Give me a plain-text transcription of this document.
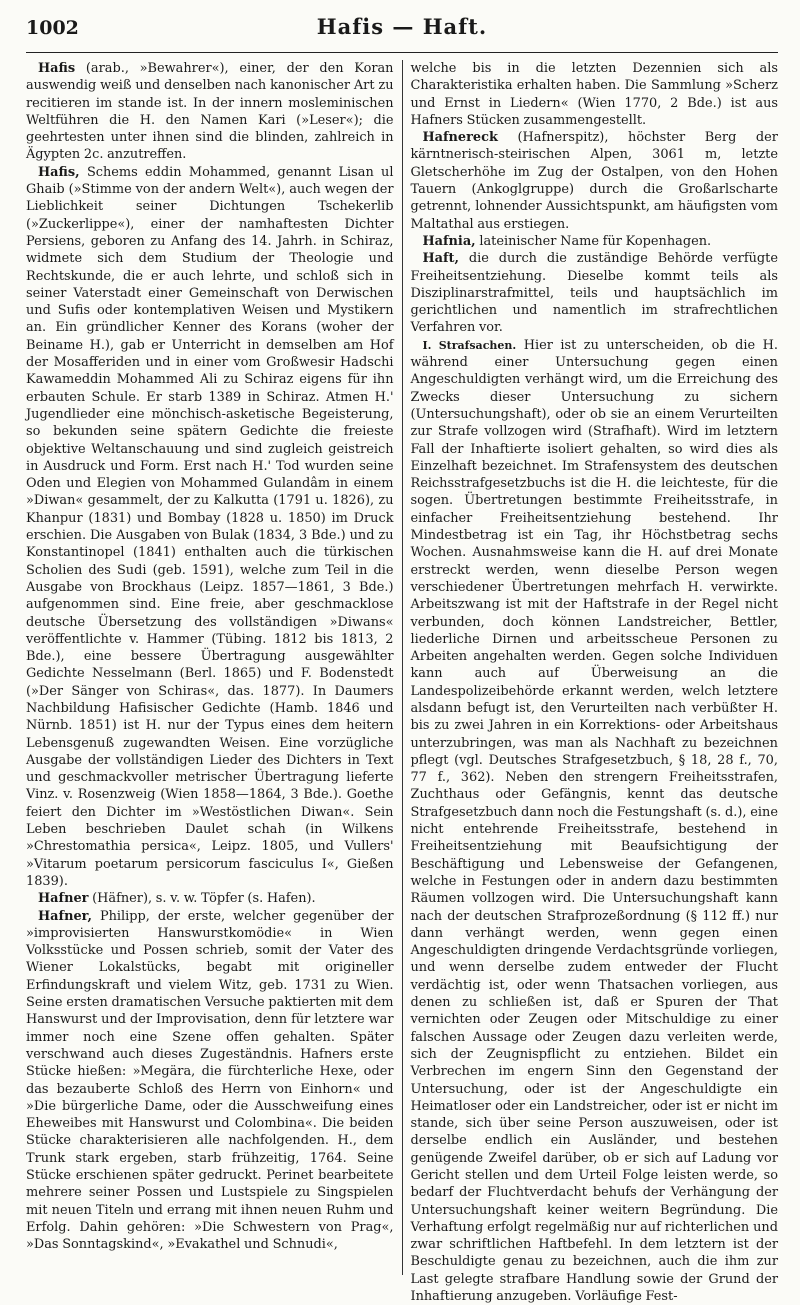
1002	Hafis — Haft.

Hafis (arab., »Bewahrer«), einer, der den Koran auswendig weiß und denselben nach kanonischer Art zu recitieren im stande ist. In der innern mosleminischen Weltführen die H. den Namen Kari (»Leser«); die geehrtesten unter ihnen sind die blinden, zahlreich in Ägypten 2c. anzutreffen.

Hafis, Schems eddin Mohammed, genannt Lisan ul Ghaib (»Stimme von der andern Welt«), auch wegen der Lieblichkeit seiner Dichtungen Tschekerlib (»Zuckerlippe«), einer der namhaftesten Dichter Persiens, geboren zu Anfang des 14. Jahrh. in Schiraz, widmete sich dem Studium der Theologie und Rechtskunde, die er auch lehrte, und schloß sich in seiner Vaterstadt einer Gemeinschaft von Derwischen und Sufis oder kontemplativen Weisen und Mystikern an. Ein gründlicher Kenner des Korans (woher der Beiname H.), gab er Unterricht in demselben am Hof der Mosafferiden und in einer vom Großwesir Hadschi Kawameddin Mohammed Ali zu Schiraz eigens für ihn erbauten Schule. Er starb 1389 in Schiraz. Atmen H.' Jugendlieder eine mönchisch-asketische Begeisterung, so bekunden seine spätern Gedichte die freieste objektive Weltanschauung und sind zugleich geistreich in Ausdruck und Form. Erst nach H.' Tod wurden seine Oden und Elegien von Mohammed Gulandâm in einem »Diwan« gesammelt, der zu Kalkutta (1791 u. 1826), zu Khanpur (1831) und Bombay (1828 u. 1850) im Druck erschien. Die Ausgaben von Bulak (1834, 3 Bde.) und zu Konstantinopel (1841) enthalten auch die türkischen Scholien des Sudi (geb. 1591), welche zum Teil in die Ausgabe von Brockhaus (Leipz. 1857—1861, 3 Bde.) aufgenommen sind. Eine freie, aber geschmacklose deutsche Übersetzung des vollständigen »Diwans« veröffentlichte v. Hammer (Tübing. 1812 bis 1813, 2 Bde.), eine bessere Übertragung ausgewählter Gedichte Nesselmann (Berl. 1865) und F. Bodenstedt (»Der Sänger von Schiras«, das. 1877). In Daumers Nachbildung Hafisischer Gedichte (Hamb. 1846 und Nürnb. 1851) ist H. nur der Typus eines dem heitern Lebensgenuß zugewandten Weisen. Eine vorzügliche Ausgabe der vollständigen Lieder des Dichters in Text und geschmackvoller metrischer Übertragung lieferte Vinz. v. Rosenzweig (Wien 1858—1864, 3 Bde.). Goethe feiert den Dichter im »Westöstlichen Diwan«. Sein Leben beschrieben Daulet schah (in Wilkens »Chrestomathia persica«, Leipz. 1805, und Vullers' »Vitarum poetarum persicorum fasciculus I«, Gießen 1839).

Hafner (Häfner), s. v. w. Töpfer (s. Hafen).

Hafner, Philipp, der erste, welcher gegenüber der »improvisierten Hanswurstkomödie« in Wien Volksstücke und Possen schrieb, somit der Vater des Wiener Lokalstücks, begabt mit origineller Erfindungskraft und vielem Witz, geb. 1731 zu Wien. Seine ersten dramatischen Versuche paktierten mit dem Hanswurst und der Improvisation, denn für letztere war immer noch eine Szene offen gehalten. Später verschwand auch dieses Zugeständnis. Hafners erste Stücke hießen: »Megära, die fürchterliche Hexe, oder das bezauberte Schloß des Herrn von Einhorn« und »Die bürgerliche Dame, oder die Ausschweifung eines Eheweibes mit Hanswurst und Colombina«. Die beiden Stücke charakterisieren alle nachfolgenden. H., dem Trunk stark ergeben, starb frühzeitig, 1764. Seine Stücke erschienen später gedruckt. Perinet bearbeitete mehrere seiner Possen und Lustspiele zu Singspielen mit neuen Titeln und errang mit ihnen neuen Ruhm und Erfolg. Dahin gehören: »Die Schwestern von Prag«, »Das Sonntagskind«, »Evakathel und Schnudi«,

welche bis in die letzten Dezennien sich als Charakteristika erhalten haben. Die Sammlung »Scherz und Ernst in Liedern« (Wien 1770, 2 Bde.) ist aus Hafners Stücken zusammengestellt.

Hafnereck (Hafnerspitz), höchster Berg der kärntnerisch-steirischen Alpen, 3061 m, letzte Gletscherhöhe im Zug der Ostalpen, von den Hohen Tauern (Ankoglgruppe) durch die Großarlscharte getrennt, lohnender Aussichtspunkt, am häufigsten vom Maltathal aus erstiegen.

Hafnia, lateinischer Name für Kopenhagen.

Haft, die durch die zuständige Behörde verfügte Freiheitsentziehung. Dieselbe kommt teils als Disziplinarstrafmittel, teils und hauptsächlich im gerichtlichen und namentlich im strafrechtlichen Verfahren vor.

I. Strafsachen. Hier ist zu unterscheiden, ob die H. während einer Untersuchung gegen einen Angeschuldigten verhängt wird, um die Erreichung des Zwecks dieser Untersuchung zu sichern (Untersuchungshaft), oder ob sie an einem Verurteilten zur Strafe vollzogen wird (Strafhaft). Wird im letztern Fall der Inhaftierte isoliert gehalten, so wird dies als Einzelhaft bezeichnet. Im Strafensystem des deutschen Reichsstrafgesetzbuchs ist die H. die leichteste, für die sogen. Übertretungen bestimmte Freiheitsstrafe, in einfacher Freiheitsentziehung bestehend. Ihr Mindestbetrag ist ein Tag, ihr Höchstbetrag sechs Wochen. Ausnahmsweise kann die H. auf drei Monate erstreckt werden, wenn dieselbe Person wegen verschiedener Übertretungen mehrfach H. verwirkte. Arbeitszwang ist mit der Haftstrafe in der Regel nicht verbunden, doch können Landstreicher, Bettler, liederliche Dirnen und arbeitsscheue Personen zu Arbeiten angehalten werden. Gegen solche Individuen kann auch auf Überweisung an die Landespolizeibehörde erkannt werden, welch letztere alsdann befugt ist, den Verurteilten nach verbüßter H. bis zu zwei Jahren in ein Korrektions- oder Arbeitshaus unterzubringen, was man als Nachhaft zu bezeichnen pflegt (vgl. Deutsches Strafgesetzbuch, § 18, 28 f., 70, 77 f., 362). Neben den strengern Freiheitsstrafen, Zuchthaus oder Gefängnis, kennt das deutsche Strafgesetzbuch dann noch die Festungshaft (s. d.), eine nicht entehrende Freiheitsstrafe, bestehend in Freiheitsentziehung mit Beaufsichtigung der Beschäftigung und Lebensweise der Gefangenen, welche in Festungen oder in andern dazu bestimmten Räumen vollzogen wird. Die Untersuchungshaft kann nach der deutschen Strafprozeßordnung (§ 112 ff.) nur dann verhängt werden, wenn gegen einen Angeschuldigten dringende Verdachtsgründe vorliegen, und wenn derselbe zudem entweder der Flucht verdächtig ist, oder wenn Thatsachen vorliegen, aus denen zu schließen ist, daß er Spuren der That vernichten oder Zeugen oder Mitschuldige zu einer falschen Aussage oder Zeugen dazu verleiten werde, sich der Zeugnispflicht zu entziehen. Bildet ein Verbrechen im engern Sinn den Gegenstand der Untersuchung, oder ist der Angeschuldigte ein Heimatloser oder ein Landstreicher, oder ist er nicht im stande, sich über seine Person auszuweisen, oder ist derselbe endlich ein Ausländer, und bestehen genügende Zweifel darüber, ob er sich auf Ladung vor Gericht stellen und dem Urteil Folge leisten werde, so bedarf der Fluchtverdacht behufs der Verhängung der Untersuchungshaft keiner weitern Begründung. Die Verhaftung erfolgt regelmäßig nur auf richterlichen und zwar schriftlichen Haftbefehl. In dem letztern ist der Beschuldigte genau zu bezeichnen, auch die ihm zur Last gelegte strafbare Handlung sowie der Grund der Inhaftierung anzugeben. Vorläufige Fest-
